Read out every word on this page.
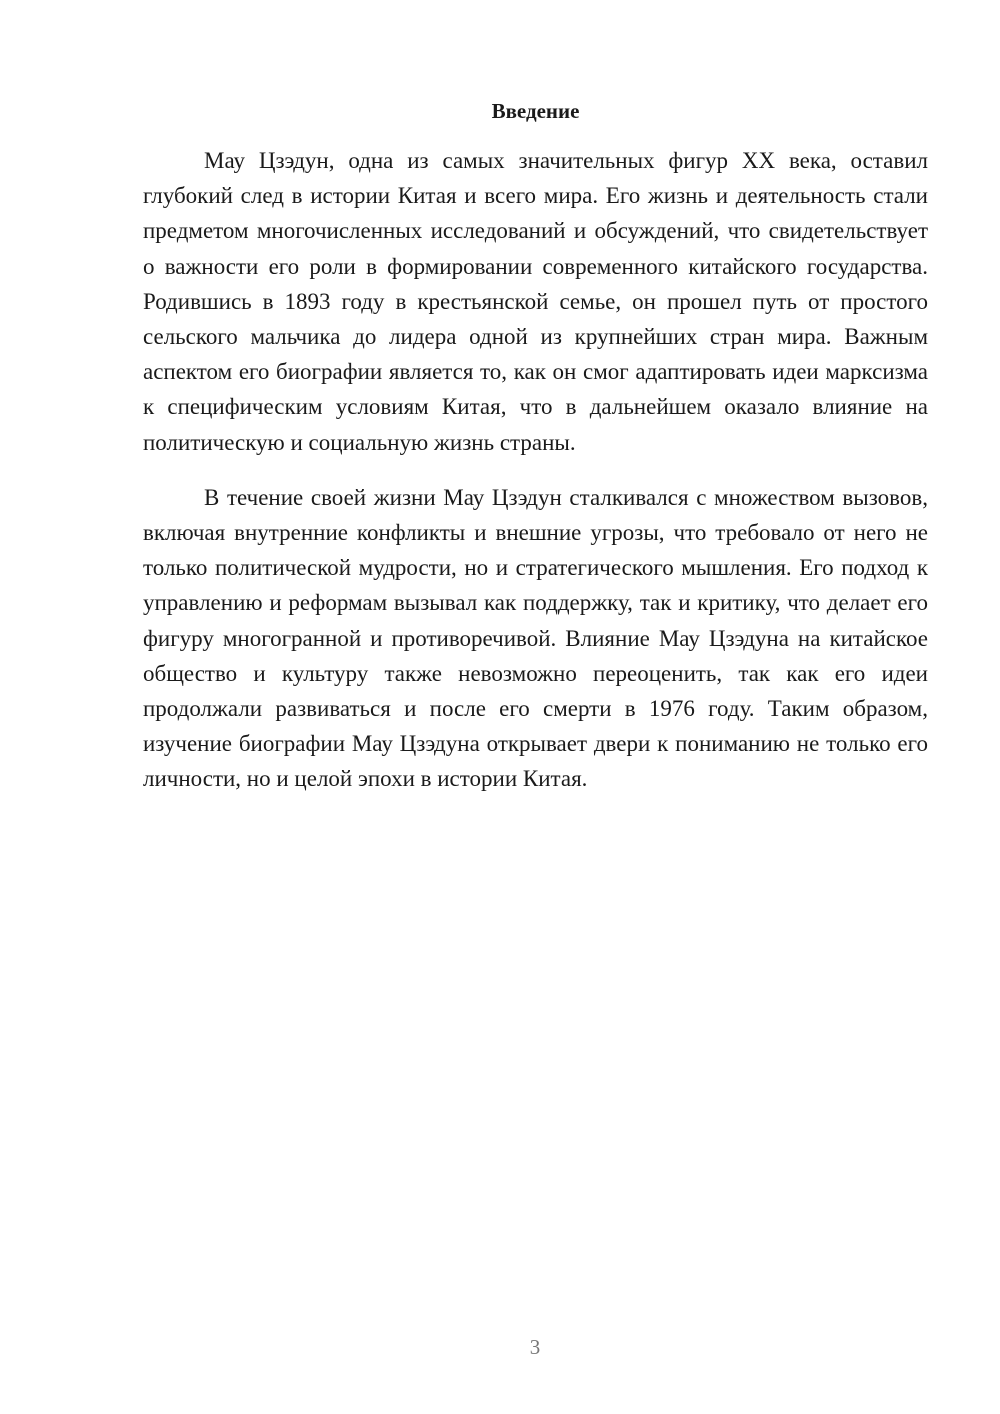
Введение

Мау Цзэдун, одна из самых значительных фигур XX века, оставил глубокий след в истории Китая и всего мира. Его жизнь и деятельность стали предметом многочисленных исследований и обсуждений, что свидетельствует о важности его роли в формировании современного китайского государства. Родившись в 1893 году в крестьянской семье, он прошел путь от простого сельского мальчика до лидера одной из крупнейших стран мира. Важным аспектом его биографии является то, как он смог адаптировать идеи марксизма к специфическим условиям Китая, что в дальнейшем оказало влияние на политическую и социальную жизнь страны.

В течение своей жизни Мау Цзэдун сталкивался с множеством вызовов, включая внутренние конфликты и внешние угрозы, что требовало от него не только политической мудрости, но и стратегического мышления. Его подход к управлению и реформам вызывал как поддержку, так и критику, что делает его фигуру многогранной и противоречивой. Влияние Мау Цзэдуна на китайское общество и культуру также невозможно переоценить, так как его идеи продолжали развиваться и после его смерти в 1976 году. Таким образом, изучение биографии Мау Цзэдуна открывает двери к пониманию не только его личности, но и целой эпохи в истории Китая.

3
